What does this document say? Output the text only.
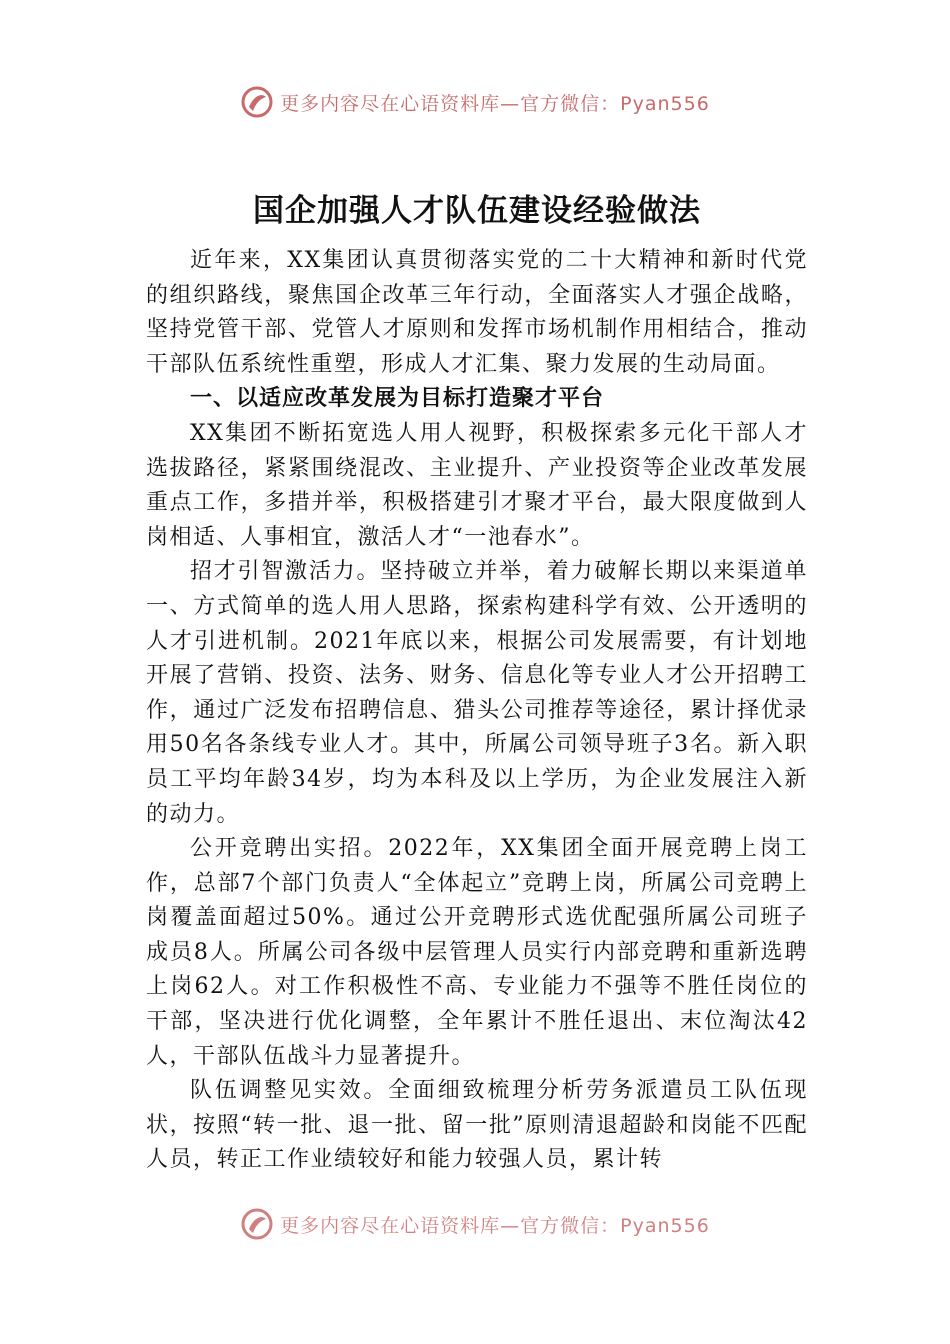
更多内容尽在心语资料库—官方微信：Pyan556
国企加强人才队伍建设经验做法

近年来，XX集团认真贯彻落实党的二十大精神和新时代党的组织路线，聚焦国企改革三年行动，全面落实人才强企战略，坚持党管干部、党管人才原则和发挥市场机制作用相结合，推动干部队伍系统性重塑，形成人才汇集、聚力发展的生动局面。

一、以适应改革发展为目标打造聚才平台

XX集团不断拓宽选人用人视野，积极探索多元化干部人才选拔路径，紧紧围绕混改、主业提升、产业投资等企业改革发展重点工作，多措并举，积极搭建引才聚才平台，最大限度做到人岗相适、人事相宜，激活人才“一池春水”。

招才引智激活力。坚持破立并举，着力破解长期以来渠道单一、方式简单的选人用人思路，探索构建科学有效、公开透明的人才引进机制。2021年底以来，根据公司发展需要，有计划地开展了营销、投资、法务、财务、信息化等专业人才公开招聘工作，通过广泛发布招聘信息、猎头公司推荐等途径，累计择优录用50名各条线专业人才。其中，所属公司领导班子3名。新入职员工平均年龄34岁，均为本科及以上学历，为企业发展注入新的动力。

公开竞聘出实招。2022年，XX集团全面开展竞聘上岗工作，总部7个部门负责人“全体起立”竞聘上岗，所属公司竞聘上岗覆盖面超过50%。通过公开竞聘形式选优配强所属公司班子成员8人。所属公司各级中层管理人员实行内部竞聘和重新选聘上岗62人。对工作积极性不高、专业能力不强等不胜任岗位的干部，坚决进行优化调整，全年累计不胜任退出、末位淘汰42人，干部队伍战斗力显著提升。

队伍调整见实效。全面细致梳理分析劳务派遣员工队伍现状，按照“转一批、退一批、留一批”原则清退超龄和岗能不匹配人员，转正工作业绩较好和能力较强人员，累计转

更多内容尽在心语资料库—官方微信：Pyan556
